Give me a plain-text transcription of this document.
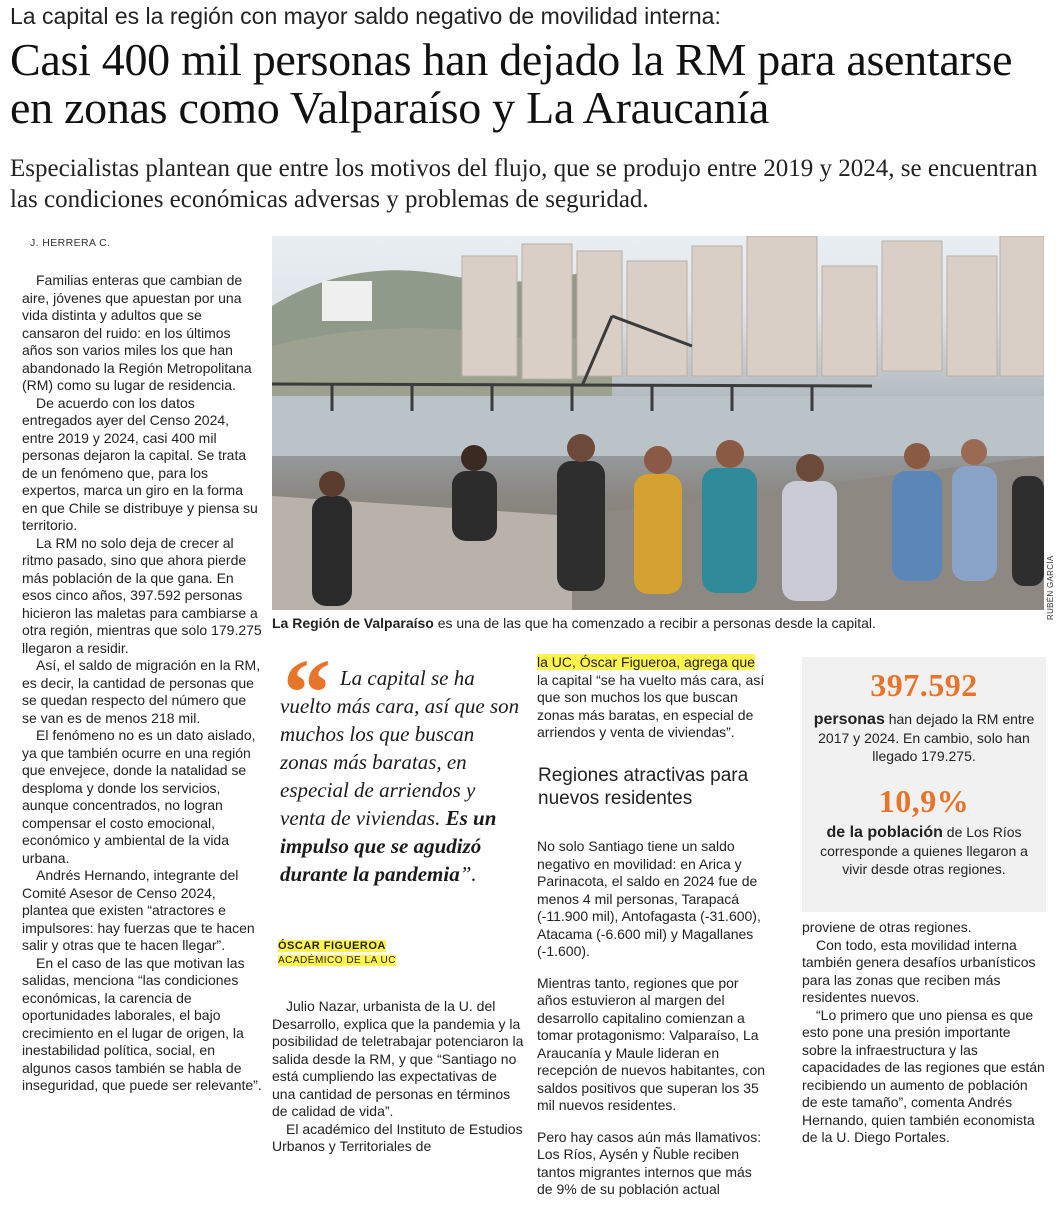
La capital es la región con mayor saldo negativo de movilidad interna:
Casi 400 mil personas han dejado la RM para asentarse en zonas como Valparaíso y La Araucanía
Especialistas plantean que entre los motivos del flujo, que se produjo entre 2019 y 2024, se encuentran las condiciones económicas adversas y problemas de seguridad.
J. HERRERA C.

Familias enteras que cambian de aire, jóvenes que apuestan por una vida distinta y adultos que se cansaron del ruido: en los últimos años son varios miles los que han abandonado la Región Metropolitana (RM) como su lugar de residencia.

De acuerdo con los datos entregados ayer del Censo 2024, entre 2019 y 2024, casi 400 mil personas dejaron la capital. Se trata de un fenómeno que, para los expertos, marca un giro en la forma en que Chile se distribuye y piensa su territorio.

La RM no solo deja de crecer al ritmo pasado, sino que ahora pierde más población de la que gana. En esos cinco años, 397.592 personas hicieron las maletas para cambiarse a otra región, mientras que solo 179.275 llegaron a residir.

Así, el saldo de migración en la RM, es decir, la cantidad de personas que se quedan respecto del número que se van es de menos 218 mil.

El fenómeno no es un dato aislado, ya que también ocurre en una región que envejece, donde la natalidad se desploma y donde los servicios, aunque concentrados, no logran compensar el costo emocional, económico y ambiental de la vida urbana.

Andrés Hernando, integrante del Comité Asesor de Censo 2024, plantea que existen “atractores e impulsores: hay fuerzas que te hacen salir y otras que te hacen llegar”.

En el caso de las que motivan las salidas, menciona “las condiciones económicas, la carencia de oportunidades laborales, el bajo crecimiento en el lugar de origen, la inestabilidad política, social, en algunos casos también se habla de inseguridad, que puede ser relevante”.

RUBÉN GARCÍA
La Región de Valparaíso es una de las que ha comenzado a recibir a personas desde la capital.
“ La capital se ha vuelto más cara, así que son muchos los que buscan zonas más baratas, en especial de arriendos y venta de viviendas. Es un impulso que se agudizó durante la pandemia”.
ÓSCAR FIGUEROA
ACADÉMICO DE LA UC

Julio Nazar, urbanista de la U. del Desarrollo, explica que la pandemia y la posibilidad de teletrabajar potenciaron la salida desde la RM, y que “Santiago no está cumpliendo las expectativas de una cantidad de personas en términos de calidad de vida”.

El académico del Instituto de Estudios Urbanos y Territoriales de

la UC, Óscar Figueroa, agrega que
la capital “se ha vuelto más cara, así que son muchos los que buscan zonas más baratas, en especial de arriendos y venta de viviendas”.
Regiones atractivas para nuevos residentes

No solo Santiago tiene un saldo negativo en movilidad: en Arica y Parinacota, el saldo en 2024 fue de menos 4 mil personas, Tarapacá (-11.900 mil), Antofagasta (-31.600), Atacama (-6.600 mil) y Magallanes (-1.600).

Mientras tanto, regiones que por años estuvieron al margen del desarrollo capitalino comienzan a tomar protagonismo: Valparaíso, La Araucanía y Maule lideran en recepción de nuevos habitantes, con saldos positivos que superan los 35 mil nuevos residentes.

Pero hay casos aún más llamativos: Los Ríos, Aysén y Ñuble reciben tantos migrantes internos que más de 9% de su población actual

397.592
personas han dejado la RM entre 2017 y 2024. En cambio, solo han llegado 179.275.
10,9%
de la población de Los Ríos corresponde a quienes llegaron a vivir desde otras regiones.

proviene de otras regiones.

Con todo, esta movilidad interna también genera desafíos urbanísticos para las zonas que reciben más residentes nuevos.

“Lo primero que uno piensa es que esto pone una presión importante sobre la infraestructura y las capacidades de las regiones que están recibiendo un aumento de población de este tamaño”, comenta Andrés Hernando, quien también economista de la U. Diego Portales.
